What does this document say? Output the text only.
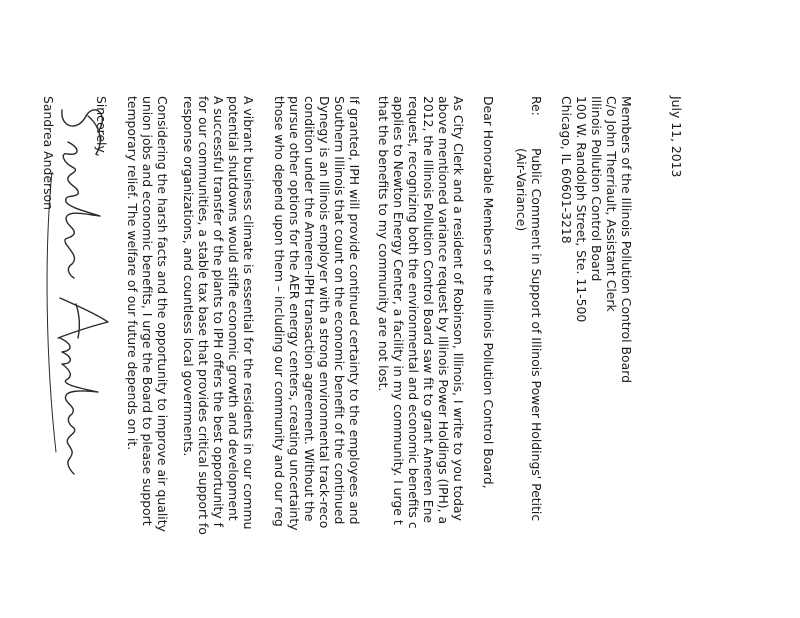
July 11, 2013
Members of the Illinois Pollution Control Board
C/o John Therriault, Assistant Clerk
Illinois Pollution Control Board
100 W. Randolph Street, Ste. 11-500
Chicago, IL 60601-3218
Re:
Public Comment in Support of Illinois Power Holdings' Petitic
(Air-Variance)
Dear Honorable Members of the Illinois Pollution Control Board,
As City Clerk and a resident of Robinson, Illinois, I write to you today
above mentioned variance request by Illinois Power Holdings (IPH), a
2012, the Illinois Pollution Control Board saw fit to grant Ameren Ene
request, recognizing both the environmental and economic benefits c
applies to Newton Energy Center, a facility in my community. I urge t
that the benefits to my community are not lost.
If granted, IPH will provide continued certainty to the employees and
Southern Illinois that count on the economic benefit of the continued
Dynegy is an Illinois employer with a strong environmental track-reco
condition under the Ameren-IPH transaction agreement. Without the
pursue other options for the AER energy centers, creating uncertainty
those who depend upon them – including our community and our reg
A vibrant business climate is essential for the residents in our commu
potential shutdowns would stifle economic growth and development
A successful transfer of the plants to IPH offers the best opportunity f
for our communities, a stable tax base that provides critical support fo
response organizations, and countless local governments.
Considering the harsh facts and the opportunity to improve air quality
union jobs and economic benefits, I urge the Board to please support
temporary relief. The welfare of our future depends on it.
Sincerely,
Sandrea Anderson
